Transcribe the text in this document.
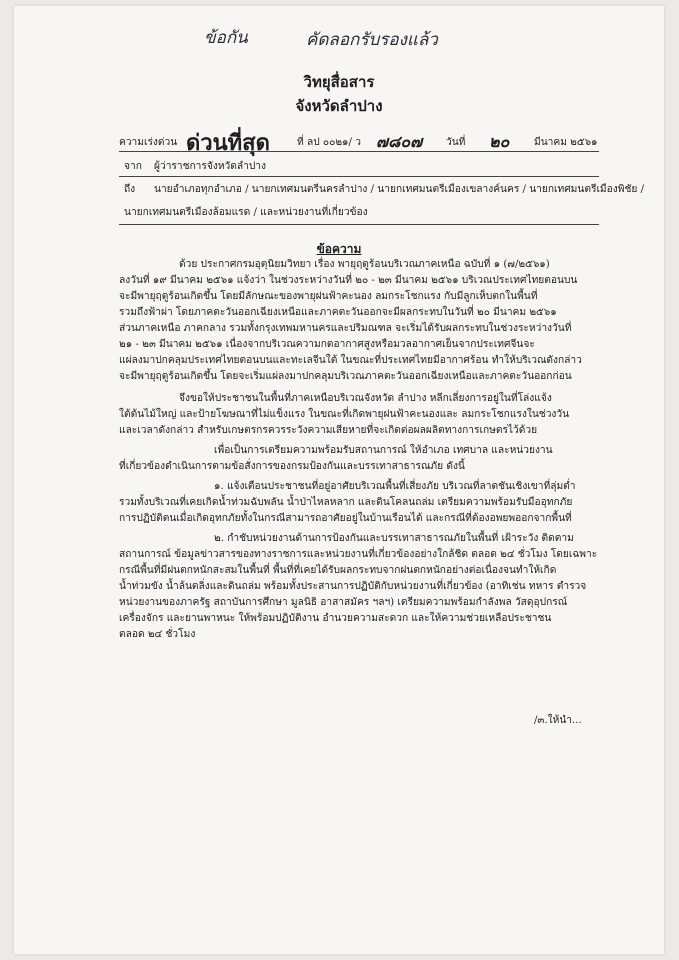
ข้อกัน	คัดลอกรับรองแล้ว
วิทยุสื่อสาร
จังหวัดลำปาง
ความเร่งด่วน ด่วนที่สุด	ที่ ลป ๐๐๒๑/ ว ๗๘๐๗ วันที่ ๒๐ มีนาคม ๒๕๖๑
จาก ผู้ว่าราชการจังหวัดลำปาง
ถึง นายอำเภอทุกอำเภอ / นายกเทศมนตรีนครลำปาง / นายกเทศมนตรีเมืองเขลางค์นคร / นายกเทศมนตรีเมืองพิชัย /
นายกเทศมนตรีเมืองล้อมแรด / และหน่วยงานที่เกี่ยวข้อง
ข้อความ
ด้วย ประกาศกรมอุตุนิยมวิทยา เรื่อง พายุฤดูร้อนบริเวณภาคเหนือ ฉบับที่ ๑ (๗/๒๕๖๑)
ลงวันที่ ๑๙ มีนาคม ๒๕๖๑ แจ้งว่า ในช่วงระหว่างวันที่ ๒๐ - ๒๓ มีนาคม ๒๕๖๑ บริเวณประเทศไทยตอนบน
จะมีพายุฤดูร้อนเกิดขึ้น โดยมีลักษณะของพายุฝนฟ้าคะนอง ลมกระโชกแรง กับมีลูกเห็บตกในพื้นที่
รวมถึงฟ้าผ่า โดยภาคตะวันออกเฉียงเหนือและภาคตะวันออกจะมีผลกระทบในวันที่ ๒๐ มีนาคม ๒๕๖๑
ส่วนภาคเหนือ ภาคกลาง รวมทั้งกรุงเทพมหานครและปริมณฑล จะเริ่มได้รับผลกระทบในช่วงระหว่างวันที่
๒๑ - ๒๓ มีนาคม ๒๕๖๑ เนื่องจากบริเวณความกดอากาศสูงหรือมวลอากาศเย็นจากประเทศจีนจะ
แผ่ลงมาปกคลุมประเทศไทยตอนบนและทะเลจีนใต้ ในขณะที่ประเทศไทยมีอากาศร้อน ทำให้บริเวณดังกล่าว
จะมีพายุฤดูร้อนเกิดขึ้น โดยจะเริ่มแผ่ลงมาปกคลุมบริเวณภาคตะวันออกเฉียงเหนือและภาคตะวันออกก่อน
จึงขอให้ประชาชนในพื้นที่ภาคเหนือบริเวณจังหวัด ลำปาง หลีกเลี่ยงการอยู่ในที่โล่งแจ้ง
ใต้ต้นไม้ใหญ่ และป้ายโฆษณาที่ไม่แข็งแรง ในขณะที่เกิดพายุฝนฟ้าคะนองและ ลมกระโชกแรงในช่วงวัน
และเวลาดังกล่าว สำหรับเกษตรกรควรระวังความเสียหายที่จะเกิดต่อผลผลิตทางการเกษตรไว้ด้วย
เพื่อเป็นการเตรียมความพร้อมรับสถานการณ์ ให้อำเภอ เทศบาล และหน่วยงาน
ที่เกี่ยวข้องดำเนินการตามข้อสั่งการของกรมป้องกันและบรรเทาสาธารณภัย ดังนี้
๑. แจ้งเตือนประชาชนที่อยู่อาศัยบริเวณพื้นที่เสี่ยงภัย บริเวณที่ลาดชันเชิงเขาที่ลุ่มต่ำ
รวมทั้งบริเวณที่เคยเกิดน้ำท่วมฉับพลัน น้ำป่าไหลหลาก และดินโคลนถล่ม เตรียมความพร้อมรับมืออุทกภัย
การปฏิบัติตนเมื่อเกิดอุทกภัยทั้งในกรณีสามารถอาศัยอยู่ในบ้านเรือนได้ และกรณีที่ต้องอพยพออกจากพื้นที่
๒. กำชับหน่วยงานด้านการป้องกันและบรรเทาสาธารณภัยในพื้นที่ เฝ้าระวัง ติดตาม
สถานการณ์ ข้อมูลข่าวสารของทางราชการและหน่วยงานที่เกี่ยวข้องอย่างใกล้ชิด ตลอด ๒๔ ชั่วโมง โดยเฉพาะ
กรณีพื้นที่มีฝนตกหนักสะสมในพื้นที่ พื้นที่ที่เคยได้รับผลกระทบจากฝนตกหนักอย่างต่อเนื่องจนทำให้เกิด
น้ำท่วมขัง น้ำล้นตลิ่งและดินถล่ม พร้อมทั้งประสานการปฏิบัติกับหน่วยงานที่เกี่ยวข้อง (อาทิเช่น ทหาร ตำรวจ
หน่วยงานของภาครัฐ สถาบันการศึกษา มูลนิธิ อาสาสมัคร ฯลฯ) เตรียมความพร้อมกำลังพล วัสดุอุปกรณ์
เครื่องจักร และยานพาหนะ ให้พร้อมปฏิบัติงาน อำนวยความสะดวก และให้ความช่วยเหลือประชาชน
ตลอด ๒๔ ชั่วโมง
/๓.ให้นำ...
